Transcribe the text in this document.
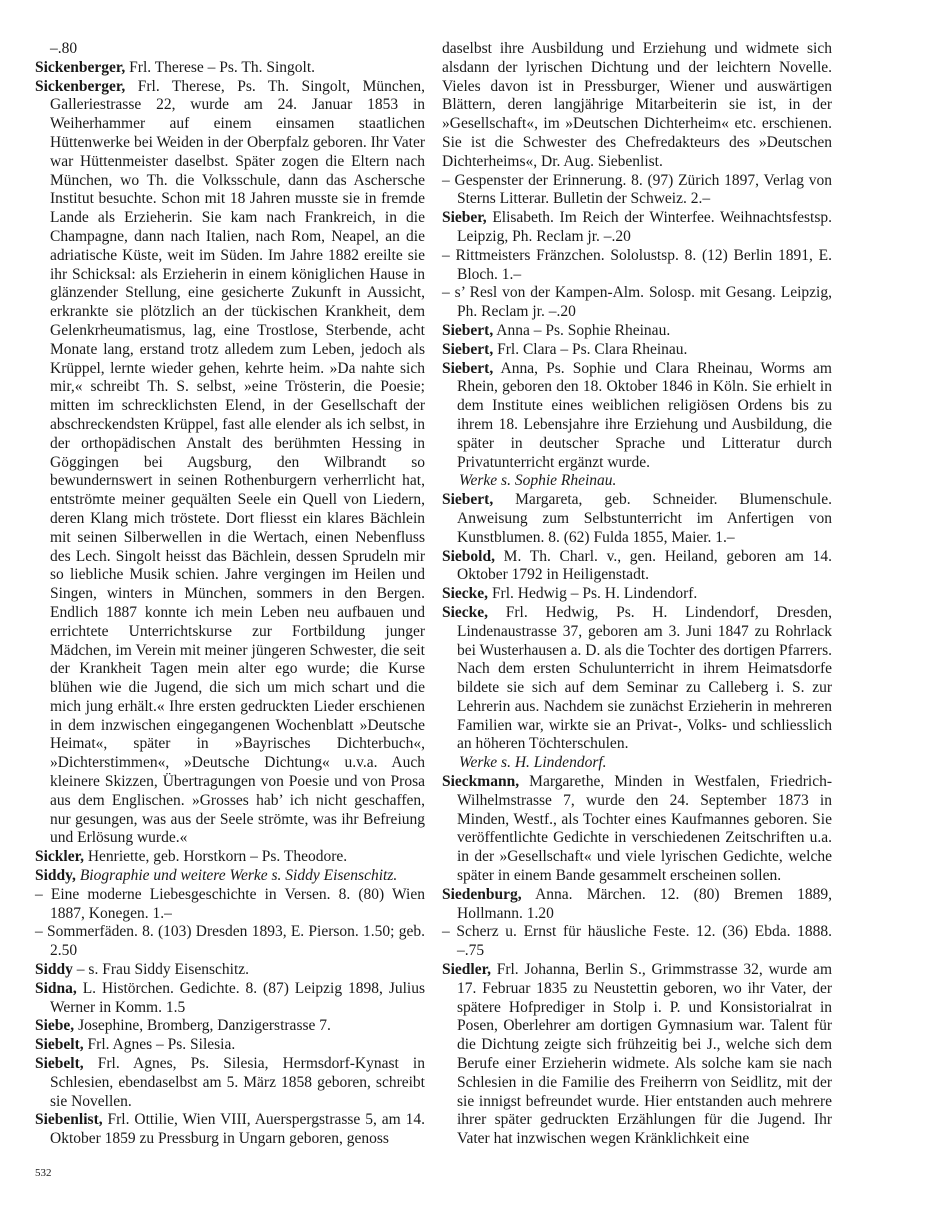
–.80

Sickenberger, Frl. Therese – Ps. Th. Singolt.

Sickenberger, Frl. Therese, Ps. Th. Singolt, München, Galleriestrasse 22, wurde am 24. Januar 1853 in Weiherhammer auf einem einsamen staatlichen Hüttenwerke bei Weiden in der Oberpfalz geboren. Ihr Vater war Hüttenmeister daselbst. Später zogen die Eltern nach München, wo Th. die Volksschule, dann das Aschersche Institut besuchte. Schon mit 18 Jahren musste sie in fremde Lande als Erzieherin. Sie kam nach Frankreich, in die Champagne, dann nach Italien, nach Rom, Neapel, an die adriatische Küste, weit im Süden. Im Jahre 1882 ereilte sie ihr Schicksal: als Erzieherin in einem königlichen Hause in glänzender Stellung, eine gesicherte Zukunft in Aussicht, erkrankte sie plötzlich an der tückischen Krankheit, dem Gelenkrheumatismus, lag, eine Trostlose, Sterbende, acht Monate lang, erstand trotz alledem zum Leben, jedoch als Krüppel, lernte wieder gehen, kehrte heim. »Da nahte sich mir,« schreibt Th. S. selbst, »eine Trösterin, die Poesie; mitten im schrecklichsten Elend, in der Gesellschaft der abschreckendsten Krüppel, fast alle elender als ich selbst, in der orthopädischen Anstalt des berühmten Hessing in Göggingen bei Augsburg, den Wilbrandt so bewundernswert in seinen Rothenburgern verherrlicht hat, entströmte meiner gequälten Seele ein Quell von Liedern, deren Klang mich tröstete. Dort fliesst ein klares Bächlein mit seinen Silberwellen in die Wertach, einen Nebenfluss des Lech. Singolt heisst das Bächlein, dessen Sprudeln mir so liebliche Musik schien. Jahre vergingen im Heilen und Singen, winters in München, sommers in den Bergen. Endlich 1887 konnte ich mein Leben neu aufbauen und errichtete Unterrichtskurse zur Fortbildung junger Mädchen, im Verein mit meiner jüngeren Schwester, die seit der Krankheit Tagen mein alter ego wurde; die Kurse blühen wie die Jugend, die sich um mich schart und die mich jung erhält.« Ihre ersten gedruckten Lieder erschienen in dem inzwischen eingegangenen Wochenblatt »Deutsche Heimat«, später in »Bayrisches Dichterbuch«, »Dichterstimmen«, »Deutsche Dichtung« u.v.a. Auch kleinere Skizzen, Übertragungen von Poesie und von Prosa aus dem Englischen. »Grosses hab’ ich nicht geschaffen, nur gesungen, was aus der Seele strömte, was ihr Befreiung und Erlösung wurde.«

Sickler, Henriette, geb. Horstkorn – Ps. Theodore.

Siddy, Biographie und weitere Werke s. Siddy Eisenschitz.

– Eine moderne Liebesgeschichte in Versen. 8. (80) Wien 1887, Konegen. 1.–

– Sommerfäden. 8. (103) Dresden 1893, E. Pierson. 1.50; geb. 2.50

Siddy – s. Frau Siddy Eisenschitz.

Sidna, L. Histörchen. Gedichte. 8. (87) Leipzig 1898, Julius Werner in Komm. 1.5

Siebe, Josephine, Bromberg, Danzigerstrasse 7.

Siebelt, Frl. Agnes – Ps. Silesia.

Siebelt, Frl. Agnes, Ps. Silesia, Hermsdorf-Kynast in Schlesien, ebendaselbst am 5. März 1858 geboren, schreibt sie Novellen.

Siebenlist, Frl. Ottilie, Wien VIII, Auerspergstrasse 5, am 14. Oktober 1859 zu Pressburg in Ungarn geboren, genoss

daselbst ihre Ausbildung und Erziehung und widmete sich alsdann der lyrischen Dichtung und der leichtern Novelle. Vieles davon ist in Pressburger, Wiener und auswärtigen Blättern, deren langjährige Mitarbeiterin sie ist, in der »Gesellschaft«, im »Deutschen Dichterheim« etc. erschienen. Sie ist die Schwester des Chefredakteurs des »Deutschen Dichterheims«, Dr. Aug. Siebenlist.

– Gespenster der Erinnerung. 8. (97) Zürich 1897, Verlag von Sterns Litterar. Bulletin der Schweiz. 2.–

Sieber, Elisabeth. Im Reich der Winterfee. Weihnachtsfestsp. Leipzig, Ph. Reclam jr. –.20

– Rittmeisters Fränzchen. Sololustsp. 8. (12) Berlin 1891, E. Bloch. 1.–

– s’ Resl von der Kampen-Alm. Solosp. mit Gesang. Leipzig, Ph. Reclam jr. –.20

Siebert, Anna – Ps. Sophie Rheinau.

Siebert, Frl. Clara – Ps. Clara Rheinau.

Siebert, Anna, Ps. Sophie und Clara Rheinau, Worms am Rhein, geboren den 18. Oktober 1846 in Köln. Sie erhielt in dem Institute eines weiblichen religiösen Ordens bis zu ihrem 18. Lebensjahre ihre Erziehung und Ausbildung, die später in deutscher Sprache und Litteratur durch Privatunterricht ergänzt wurde.

Werke s. Sophie Rheinau.

Siebert, Margareta, geb. Schneider. Blumenschule. Anweisung zum Selbstunterricht im Anfertigen von Kunstblumen. 8. (62) Fulda 1855, Maier. 1.–

Siebold, M. Th. Charl. v., gen. Heiland, geboren am 14. Oktober 1792 in Heiligenstadt.

Siecke, Frl. Hedwig – Ps. H. Lindendorf.

Siecke, Frl. Hedwig, Ps. H. Lindendorf, Dresden, Lindenaustrasse 37, geboren am 3. Juni 1847 zu Rohrlack bei Wusterhausen a. D. als die Tochter des dortigen Pfarrers. Nach dem ersten Schulunterricht in ihrem Heimatsdorfe bildete sie sich auf dem Seminar zu Calleberg i. S. zur Lehrerin aus. Nachdem sie zunächst Erzieherin in mehreren Familien war, wirkte sie an Privat-, Volks- und schliesslich an höheren Töchterschulen.

Werke s. H. Lindendorf.

Sieckmann, Margarethe, Minden in Westfalen, Friedrich-Wilhelmstrasse 7, wurde den 24. September 1873 in Minden, Westf., als Tochter eines Kaufmannes geboren. Sie veröffentlichte Gedichte in verschiedenen Zeitschriften u.a. in der »Gesellschaft« und viele lyrischen Gedichte, welche später in einem Bande gesammelt erscheinen sollen.

Siedenburg, Anna. Märchen. 12. (80) Bremen 1889, Hollmann. 1.20

– Scherz u. Ernst für häusliche Feste. 12. (36) Ebda. 1888. –.75

Siedler, Frl. Johanna, Berlin S., Grimmstrasse 32, wurde am 17. Februar 1835 zu Neustettin geboren, wo ihr Vater, der spätere Hofprediger in Stolp i. P. und Konsistorialrat in Posen, Oberlehrer am dortigen Gymnasium war. Talent für die Dichtung zeigte sich frühzeitig bei J., welche sich dem Berufe einer Erzieherin widmete. Als solche kam sie nach Schlesien in die Familie des Freiherrn von Seidlitz, mit der sie innigst befreundet wurde. Hier entstanden auch mehrere ihrer später gedruckten Erzählungen für die Jugend. Ihr Vater hat inzwischen wegen Kränklichkeit eine

532
